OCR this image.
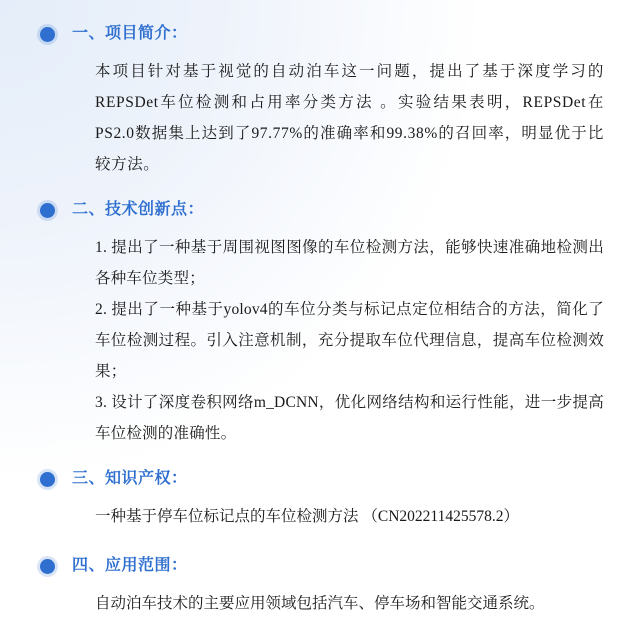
一、项目简介：

本项目针对基于视觉的自动泊车这一问题，提出了基于深度学习的REPSDet车位检测和占用率分类方法 。实验结果表明，REPSDet在PS2.0数据集上达到了97.77%的准确率和99.38%的召回率，明显优于比较方法。

二、技术创新点：

1. 提出了一种基于周围视图图像的车位检测方法，能够快速准确地检测出各种车位类型；

2. 提出了一种基于yolov4的车位分类与标记点定位相结合的方法，简化了车位检测过程。引入注意机制，充分提取车位代理信息，提高车位检测效果；

3. 设计了深度卷积网络m_DCNN，优化网络结构和运行性能，进一步提高车位检测的准确性。

三、知识产权：

一种基于停车位标记点的车位检测方法 （CN202211425578.2）

四、应用范围：

自动泊车技术的主要应用领域包括汽车、停车场和智能交通系统。
